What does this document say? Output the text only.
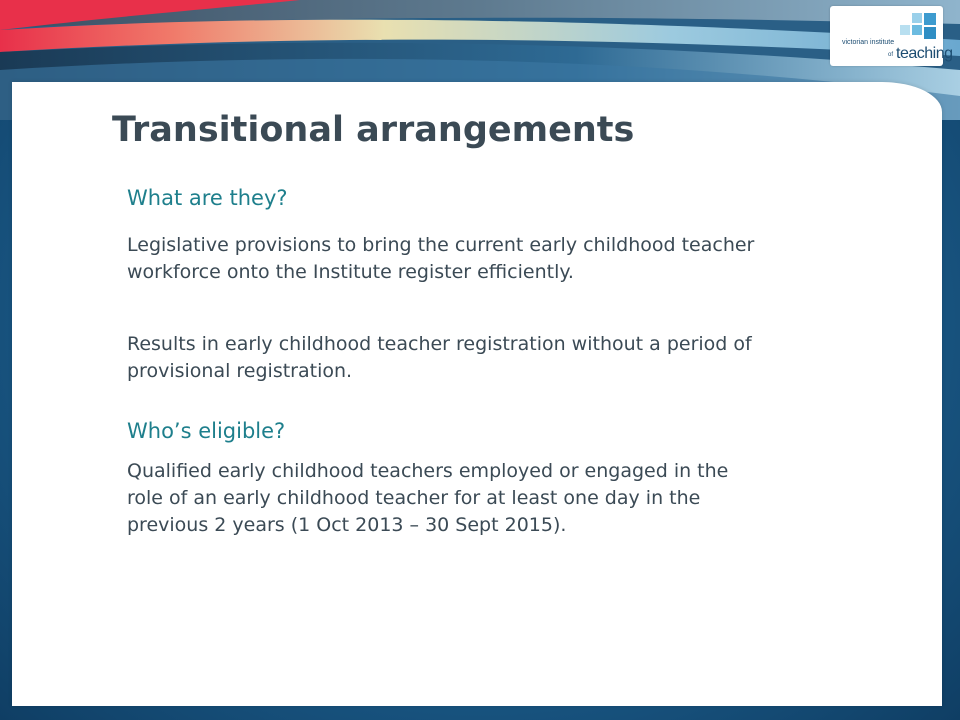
victorian institute
of teaching
Transitional arrangements
What are they?
Legislative provisions to bring the current early childhood teacher workforce onto the Institute register efficiently.
Results in early childhood teacher registration without a period of provisional registration.
Who’s eligible?
Qualified early childhood teachers employed or engaged in the role of an early childhood teacher for at least one day in the previous 2 years (1 Oct 2013 – 30 Sept 2015).
